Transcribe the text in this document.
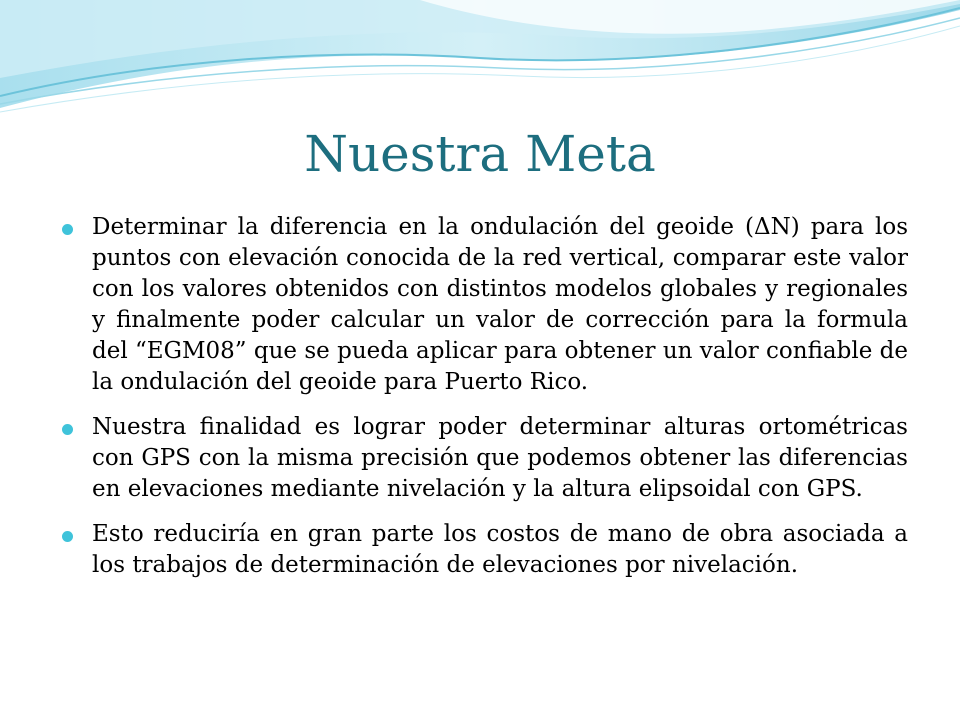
Nuestra Meta
Determinar la diferencia en la ondulación del geoide (ΔN) para los puntos con elevación conocida de la red vertical, comparar este valor con los valores obtenidos con distintos modelos globales y regionales y finalmente poder calcular un valor de corrección para la formula del “EGM08” que se pueda aplicar para obtener un valor confiable de la ondulación del geoide para Puerto Rico.
Nuestra finalidad es lograr poder determinar alturas ortométricas con GPS con la misma precisión que podemos obtener las diferencias en elevaciones mediante nivelación y la altura elipsoidal con GPS.
Esto reduciría en gran parte los costos de mano de obra asociada a los trabajos de determinación de elevaciones por nivelación.
